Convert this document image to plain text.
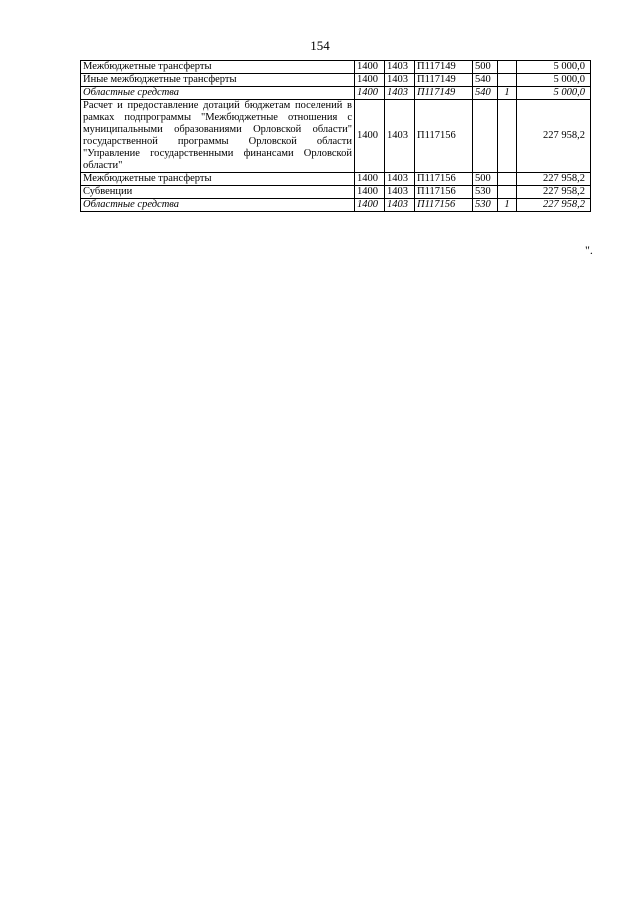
154
Межбюджетные трансферты	1400	1403	П117149	500		5 000,0
Иные межбюджетные трансферты	1400	1403	П117149	540		5 000,0
Областные средства	1400	1403	П117149	540	1	5 000,0
Расчет и предоставление дотаций бюджетам поселений в рамках подпрограммы "Межбюджетные отношения с муниципальными образованиями Орловской области" государственной программы Орловской области "Управление государственными финансами Орловской области"	1400	1403	П117156			227 958,2
Межбюджетные трансферты	1400	1403	П117156	500		227 958,2
Субвенции	1400	1403	П117156	530		227 958,2
Областные средства	1400	1403	П117156	530	1	227 958,2
".
